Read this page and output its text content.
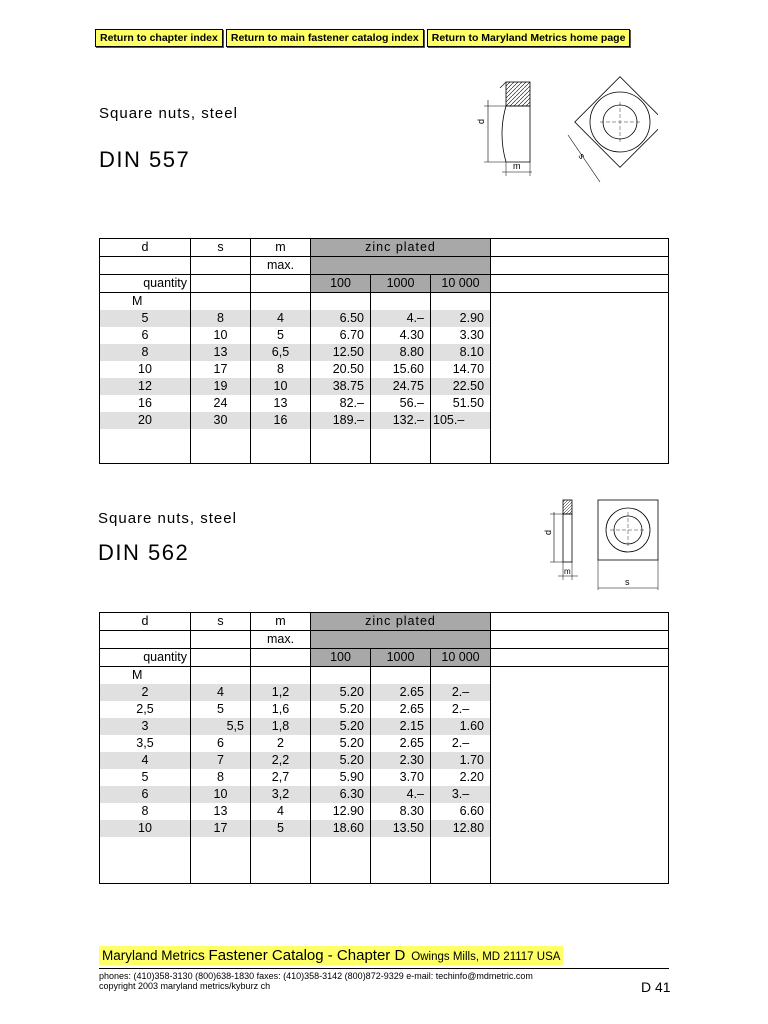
Return to chapter index	Return to main fastener catalog index	Return to Maryland Metrics home page
Square nuts, steel
DIN 557
d
m
s
d	s	m	zinc plated			
		max.				
quantity			100	1000	10 000	
M						
5	8	4	6.50	4.–	2.90	
6	10	5	6.70	4.30	3.30	
8	13	6,5	12.50	8.80	8.10	
10	17	8	20.50	15.60	14.70	
12	19	10	38.75	24.75	22.50	
16	24	13	82.–	56.–	51.50	
20	30	16	189.–	132.–	105.–	

Square nuts, steel
DIN 562
d
m
s
d	s	m	zinc plated			
		max.				
quantity			100	1000	10 000	
M						
2	4	1,2	5.20	2.65	2.–	
2,5	5	1,6	5.20	2.65	2.–	
3	5,5	1,8	5.20	2.15	1.60	
3,5	6	2	5.20	2.65	2.–	
4	7	2,2	5.20	2.30	1.70	
5	8	2,7	5.90	3.70	2.20	
6	10	3,2	6.30	4.–	3.–	
8	13	4	12.90	8.30	6.60	
10	17	5	18.60	13.50	12.80	

Maryland Metrics Fastener Catalog - Chapter D Owings Mills, MD 21117 USA
phones: (410)358-3130 (800)638-1830 faxes: (410)358-3142 (800)872-9329 e-mail: techinfo@mdmetric.com
copyright 2003 maryland metrics/kyburz ch	D 41
